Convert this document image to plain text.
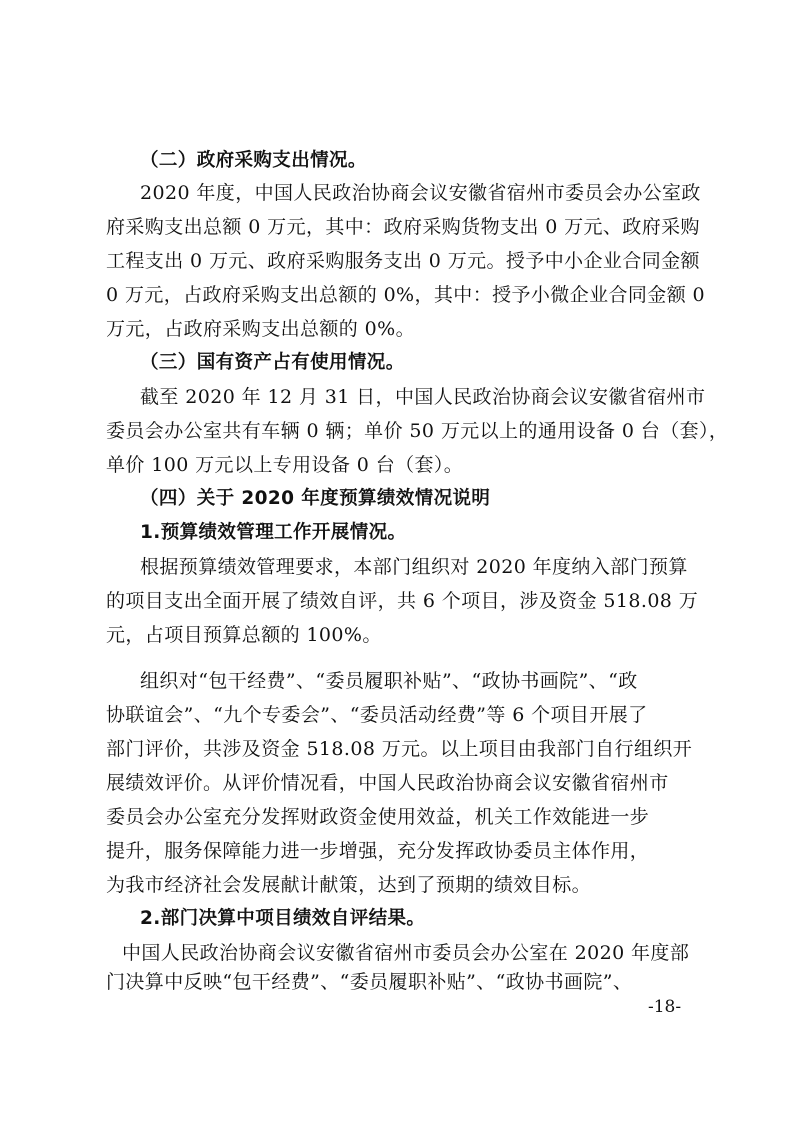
（二）政府采购支出情况。
2020 年度，中国人民政治协商会议安徽省宿州市委员会办公室政
府采购支出总额 0 万元，其中：政府采购货物支出 0 万元、政府采购
工程支出 0 万元、政府采购服务支出 0 万元。授予中小企业合同金额
0 万元，占政府采购支出总额的 0%，其中：授予小微企业合同金额 0
万元，占政府采购支出总额的 0%。
（三）国有资产占有使用情况。
截至 2020 年 12 月 31 日，中国人民政治协商会议安徽省宿州市
委员会办公室共有车辆 0 辆；单价 50 万元以上的通用设备 0 台（套），
单价 100 万元以上专用设备 0 台（套）。
（四）关于 2020 年度预算绩效情况说明
1.预算绩效管理工作开展情况。
根据预算绩效管理要求，本部门组织对 2020 年度纳入部门预算
的项目支出全面开展了绩效自评，共 6 个项目，涉及资金 518.08 万
元，占项目预算总额的 100%。
组织对“包干经费”、“委员履职补贴”、“政协书画院”、“政
协联谊会”、“九个专委会”、“委员活动经费”等 6 个项目开展了
部门评价，共涉及资金 518.08 万元。以上项目由我部门自行组织开
展绩效评价。从评价情况看，中国人民政治协商会议安徽省宿州市
委员会办公室充分发挥财政资金使用效益，机关工作效能进一步
提升，服务保障能力进一步增强，充分发挥政协委员主体作用，
为我市经济社会发展献计献策，达到了预期的绩效目标。
2.部门决算中项目绩效自评结果。
中国人民政治协商会议安徽省宿州市委员会办公室在 2020 年度部
门决算中反映“包干经费”、“委员履职补贴”、“政协书画院”、
-18-
